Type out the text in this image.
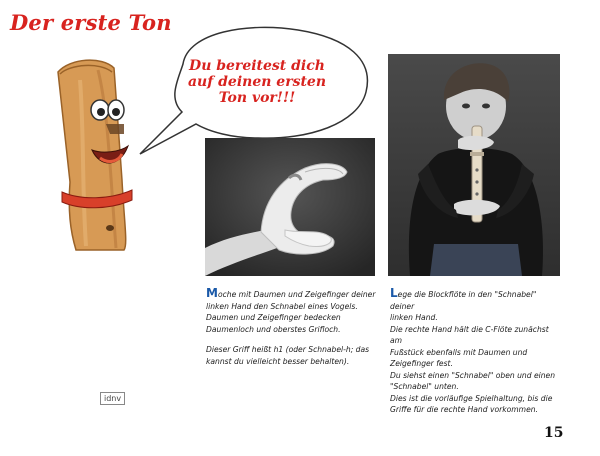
Der erste Ton
Du bereitest dich
auf deinen ersten
Ton vor!!!

Moche mit Daumen und Zeigefinger deiner

linken Hand den Schnabel eines Vogels.

Daumen und Zeigefinger bedecken

Daumenloch und oberstes Grifloch.

Dieser Griff heißt h1 (oder Schnabel-h; das

kannst du vielleicht besser behalten).

Lege die Blockflöte in den "Schnabel" deiner

linken Hand.

Die rechte Hand hält die C-Flöte zunächst am

Fußstück ebenfalls mit Daumen und

Zeigefinger fest.

Du siehst einen "Schnabel" oben und einen

"Schnabel" unten.

Dies ist die vorläufige Spielhaltung, bis die

Griffe für die rechte Hand vorkommen.

idnv
15
